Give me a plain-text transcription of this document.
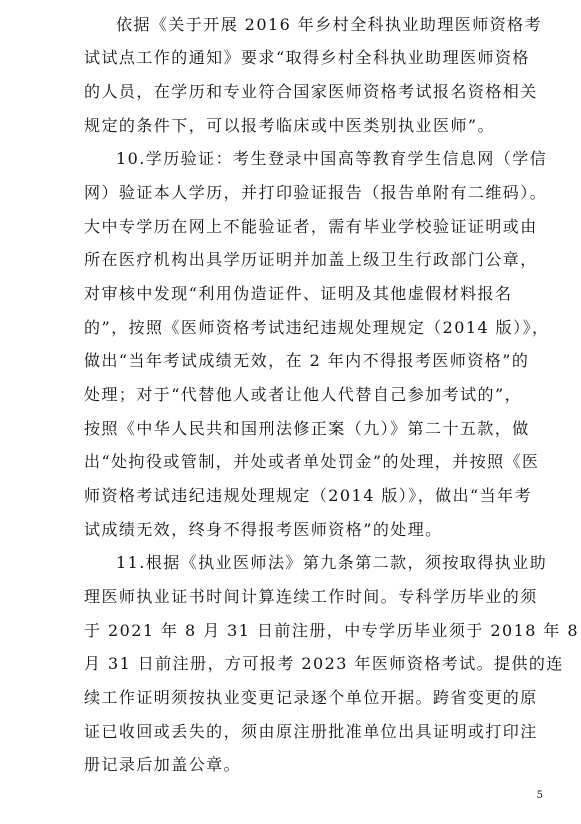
依据《关于开展 2016 年乡村全科执业助理医师资格考
试试点工作的通知》要求“取得乡村全科执业助理医师资格
的人员，在学历和专业符合国家医师资格考试报名资格相关
规定的条件下，可以报考临床或中医类别执业医师”。
10.学历验证：考生登录中国高等教育学生信息网（学信
网）验证本人学历，并打印验证报告（报告单附有二维码）。
大中专学历在网上不能验证者，需有毕业学校验证证明或由
所在医疗机构出具学历证明并加盖上级卫生行政部门公章，
对审核中发现“利用伪造证件、证明及其他虚假材料报名
的”，按照《医师资格考试违纪违规处理规定（2014 版）》，
做出“当年考试成绩无效，在 2 年内不得报考医师资格”的
处理；对于“代替他人或者让他人代替自己参加考试的”，
按照《中华人民共和国刑法修正案（九）》第二十五款，做
出“处拘役或管制，并处或者单处罚金”的处理，并按照《医
师资格考试违纪违规处理规定（2014 版）》，做出“当年考
试成绩无效，终身不得报考医师资格”的处理。
11.根据《执业医师法》第九条第二款，须按取得执业助
理医师执业证书时间计算连续工作时间。专科学历毕业的须
于 2021 年 8 月 31 日前注册，中专学历毕业须于 2018 年 8
月 31 日前注册，方可报考 2023 年医师资格考试。提供的连
续工作证明须按执业变更记录逐个单位开据。跨省变更的原
证已收回或丢失的，须由原注册批准单位出具证明或打印注
册记录后加盖公章。
5
